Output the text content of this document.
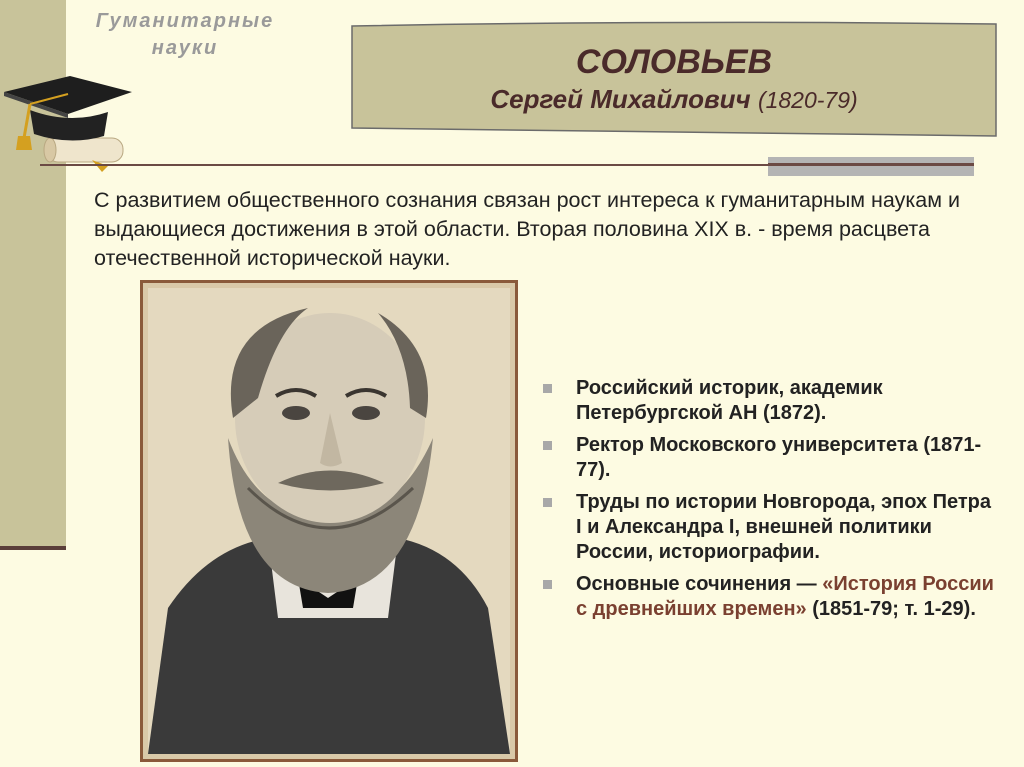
Гуманитарные
науки	СОЛОВЬЕВ
Сергей Михайлович (1820-79)
С развитием общественного сознания связан рост интереса к гуманитарным наукам и выдающиеся достижения в этой области. Вторая половина XIX в. - время расцвета отечественной исторической науки.
Российский историк, академик Петербургской АН (1872).
Ректор Московского университета (1871-77).
Труды по истории Новгорода, эпох Петра I и Александра I, внешней политики России, историографии.
Основные сочинения — «История России с древнейших времен» (1851-79; т. 1-29).
